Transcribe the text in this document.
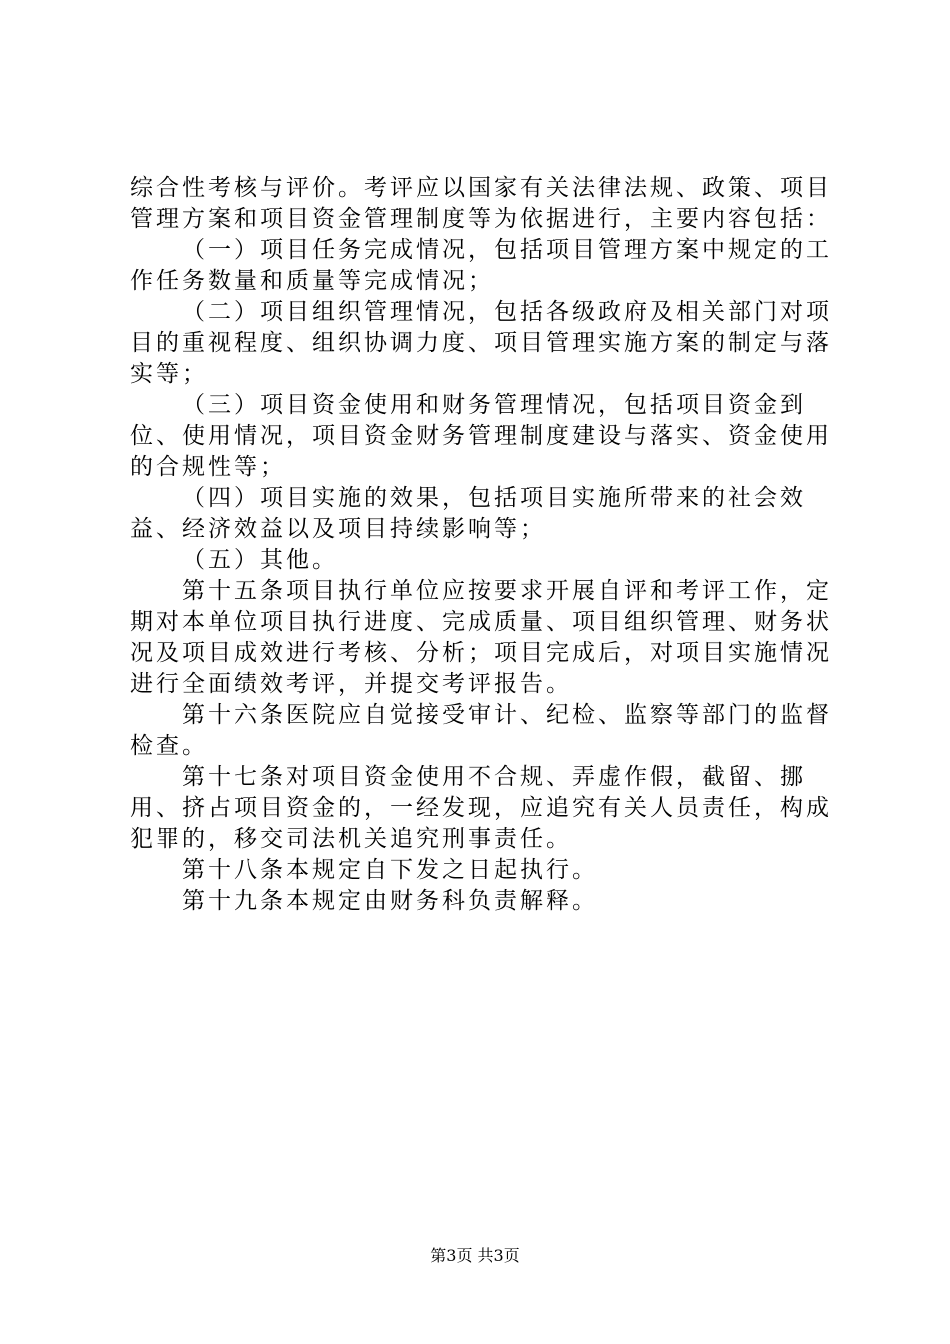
综合性考核与评价。考评应以国家有关法律法规、政策、项目管理方案和项目资金管理制度等为依据进行，主要内容包括：

（一）项目任务完成情况，包括项目管理方案中规定的工作任务数量和质量等完成情况；

（二）项目组织管理情况，包括各级政府及相关部门对项目的重视程度、组织协调力度、项目管理实施方案的制定与落实等；

（三）项目资金使用和财务管理情况，包括项目资金到位、使用情况，项目资金财务管理制度建设与落实、资金使用的合规性等；

（四）项目实施的效果，包括项目实施所带来的社会效益、经济效益以及项目持续影响等；

（五）其他。

第十五条项目执行单位应按要求开展自评和考评工作，定期对本单位项目执行进度、完成质量、项目组织管理、财务状况及项目成效进行考核、分析；项目完成后，对项目实施情况进行全面绩效考评，并提交考评报告。

第十六条医院应自觉接受审计、纪检、监察等部门的监督检查。

第十七条对项目资金使用不合规、弄虚作假，截留、挪用、挤占项目资金的，一经发现，应追究有关人员责任，构成犯罪的，移交司法机关追究刑事责任。

第十八条本规定自下发之日起执行。

第十九条本规定由财务科负责解释。

第3页 共3页
